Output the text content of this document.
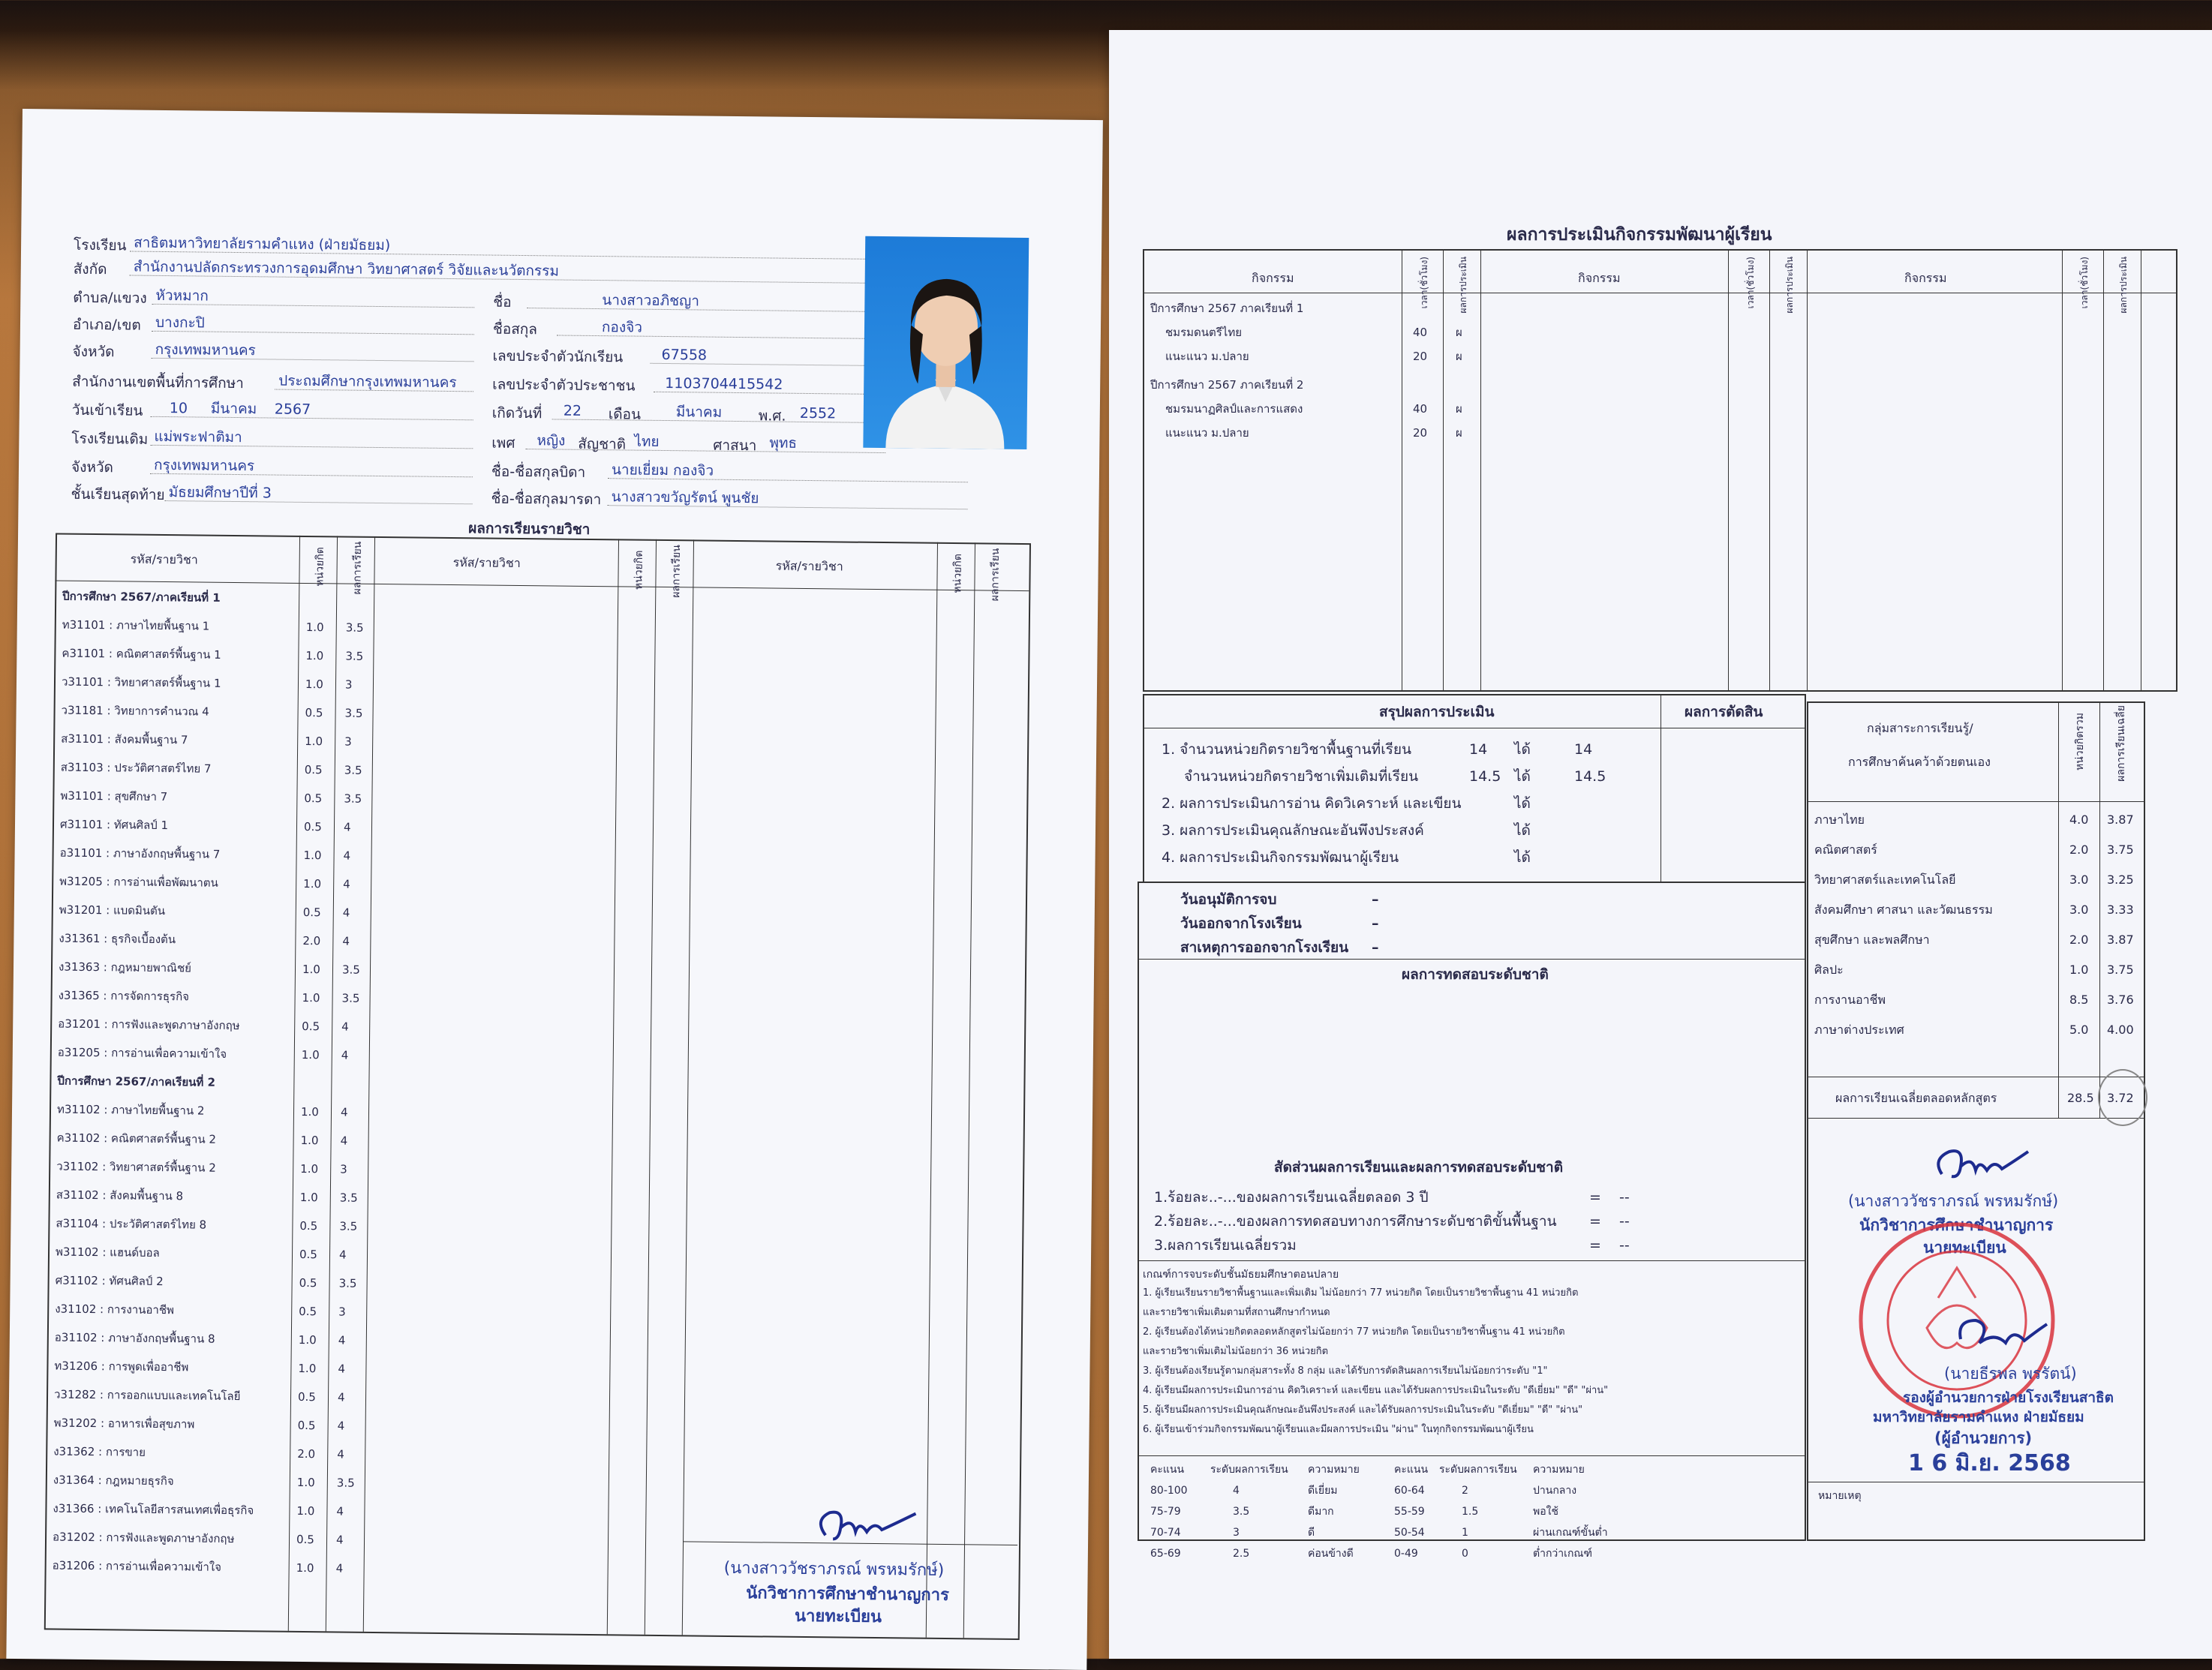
โรงเรียน สาธิตมหาวิทยาลัยรามคำแหง (ฝ่ายมัธยม)
สังกัด สำนักงานปลัดกระทรวงการอุดมศึกษา วิทยาศาสตร์ วิจัยและนวัตกรรม
ตำบล/แขวง หัวหมาก
อำเภอ/เขต บางกะปิ
จังหวัด	กรุงเทพมหานคร
สำนักงานเขตพื้นที่การศึกษา ประถมศึกษากรุงเทพมหานคร
วันเข้าเรียน 10 มีนาคม 2567
โรงเรียนเดิม แม่พระฟาติมา
จังหวัด	กรุงเทพมหานคร
ชั้นเรียนสุดท้าย มัธยมศึกษาปีที่ 3
ชื่อ	นางสาวอภิชญา
ชื่อสกุล	กองจิว
เลขประจำตัวนักเรียน	67558
เลขประจำตัวประชาชน 1103704415542
เกิดวันที่ 22 เดือน มีนาคม	พ.ศ. 2552
เพศ หญิง สัญชาติ ไทย	ศาสนา พุทธ
ชื่อ-ชื่อสกุลบิดา นายเยี่ยม กองจิว
ชื่อ-ชื่อสกุลมารดา นางสาวขวัญรัตน์ พูนชัย
ผลการเรียนรายวิชา
รหัส/รายวิชา	หน่วยกิต ผลการเรียน	รหัส/รายวิชา	หน่วยกิต ผลการเรียน	รหัส/รายวิชา	หน่วยกิต ผลการเรียน
ปีการศึกษา 2567/ภาคเรียนที่ 1
ท31101 : ภาษาไทยพื้นฐาน 1	1.0 3.5
ค31101 : คณิตศาสตร์พื้นฐาน 1	1.0 3.5
ว31101 : วิทยาศาสตร์พื้นฐาน 1	1.0 3
ว31181 : วิทยาการคำนวณ 4	0.5 3.5
ส31101 : สังคมพื้นฐาน 7	1.0 3
ส31103 : ประวัติศาสตร์ไทย 7	0.5 3.5
พ31101 : สุขศึกษา 7	0.5 3.5
ศ31101 : ทัศนศิลป์ 1	0.5 4
อ31101 : ภาษาอังกฤษพื้นฐาน 7	1.0 4
พ31205 : การอ่านเพื่อพัฒนาตน	1.0 4
พ31201 : แบดมินตัน	0.5 4
ง31361 : ธุรกิจเบื้องต้น	2.0 4
ง31363 : กฎหมายพาณิชย์	1.0 3.5
ง31365 : การจัดการธุรกิจ	1.0 3.5
อ31201 : การฟังและพูดภาษาอังกฤษ	0.5 4
อ31205 : การอ่านเพื่อความเข้าใจ	1.0 4
ปีการศึกษา 2567/ภาคเรียนที่ 2
ท31102 : ภาษาไทยพื้นฐาน 2	1.0 4
ค31102 : คณิตศาสตร์พื้นฐาน 2	1.0 4
ว31102 : วิทยาศาสตร์พื้นฐาน 2	1.0 3
ส31102 : สังคมพื้นฐาน 8	1.0 3.5
ส31104 : ประวัติศาสตร์ไทย 8	0.5 3.5
พ31102 : แฮนด์บอล	0.5 4
ศ31102 : ทัศนศิลป์ 2	0.5 3.5
ง31102 : การงานอาชีพ	0.5 3
อ31102 : ภาษาอังกฤษพื้นฐาน 8	1.0 4
ท31206 : การพูดเพื่ออาชีพ	1.0 4
ว31282 : การออกแบบและเทคโนโลยี	0.5 4
พ31202 : อาหารเพื่อสุขภาพ	0.5 4
ง31362 : การขาย	2.0 4
ง31364 : กฎหมายธุรกิจ	1.0 3.5
ง31366 : เทคโนโลยีสารสนเทศเพื่อธุรกิจ	1.0 4
อ31202 : การฟังและพูดภาษาอังกฤษ	0.5 4
อ31206 : การอ่านเพื่อความเข้าใจ	1.0 4	(นางสาววัชราภรณ์ พรหมรักษ์)
นักวิชาการศึกษาชำนาญการ
นายทะเบียน
ผลการประเมินกิจกรรมพัฒนาผู้เรียน
กิจกรรม	เวลา(ชั่วโมง)	ผลการประเมิน	กิจกรรม	เวลา(ชั่วโมง)	ผลการประเมิน	กิจกรรม	เวลา(ชั่วโมง)	ผลการประเมิน
ปีการศึกษา 2567 ภาคเรียนที่ 1
ชมรมดนตรีไทย	40	ผ
แนะแนว ม.ปลาย	20	ผ
ปีการศึกษา 2567 ภาคเรียนที่ 2
ชมรมนาฏศิลป์และการแสดง	40	ผ
แนะแนว ม.ปลาย	20	ผ
สรุปผลการประเมิน	ผลการตัดสิน
1. จำนวนหน่วยกิตรายวิชาพื้นฐานที่เรียน	14 ได้	14
จำนวนหน่วยกิตรายวิชาเพิ่มเติมที่เรียน	14.5 ได้	14.5
2. ผลการประเมินการอ่าน คิดวิเคราะห์ และเขียน	ได้
3. ผลการประเมินคุณลักษณะอันพึงประสงค์	ได้
4. ผลการประเมินกิจกรรมพัฒนาผู้เรียน	ได้
วันอนุมัติการจบ	–
วันออกจากโรงเรียน	–
สาเหตุการออกจากโรงเรียน –
ผลการทดสอบระดับชาติ
สัดส่วนผลการเรียนและผลการทดสอบระดับชาติ
1.ร้อยละ..-...ของผลการเรียนเฉลี่ยตลอด 3 ปี	= --
2.ร้อยละ..-...ของผลการทดสอบทางการศึกษาระดับชาติขั้นพื้นฐาน = --
3.ผลการเรียนเฉลี่ยรวม	= --
เกณฑ์การจบระดับชั้นมัธยมศึกษาตอนปลาย
1. ผู้เรียนเรียนรายวิชาพื้นฐานและเพิ่มเติม ไม่น้อยกว่า 77 หน่วยกิต โดยเป็นรายวิชาพื้นฐาน 41 หน่วยกิต
และรายวิชาเพิ่มเติมตามที่สถานศึกษากำหนด
2. ผู้เรียนต้องได้หน่วยกิตตลอดหลักสูตรไม่น้อยกว่า 77 หน่วยกิต โดยเป็นรายวิชาพื้นฐาน 41 หน่วยกิต
และรายวิชาเพิ่มเติมไม่น้อยกว่า 36 หน่วยกิต
3. ผู้เรียนต้องเรียนรู้ตามกลุ่มสาระทั้ง 8 กลุ่ม และได้รับการตัดสินผลการเรียนไม่น้อยกว่าระดับ "1"
4. ผู้เรียนมีผลการประเมินการอ่าน คิดวิเคราะห์ และเขียน และได้รับผลการประเมินในระดับ "ดีเยี่ยม" "ดี" "ผ่าน"
5. ผู้เรียนมีผลการประเมินคุณลักษณะอันพึงประสงค์ และได้รับผลการประเมินในระดับ "ดีเยี่ยม" "ดี" "ผ่าน"
6. ผู้เรียนเข้าร่วมกิจกรรมพัฒนาผู้เรียนและมีผลการประเมิน "ผ่าน" ในทุกกิจกรรมพัฒนาผู้เรียน
คะแนน ระดับผลการเรียน ความหมาย	คะแนน ระดับผลการเรียน ความหมาย
80-100	4	ดีเยี่ยม	60-64	2	ปานกลาง
75-79	3.5	ดีมาก	55-59	1.5	พอใช้
70-74	3	ดี	50-54	1	ผ่านเกณฑ์ขั้นต่ำ
65-69	2.5	ค่อนข้างดี	0-49	0	ต่ำกว่าเกณฑ์
กลุ่มสาระการเรียนรู้/
การศึกษาค้นคว้าด้วยตนเอง	หน่วยกิตรวม	ผลการเรียนเฉลี่ย
ภาษาไทย	4.0 3.87
คณิตศาสตร์	2.0 3.75
วิทยาศาสตร์และเทคโนโลยี	3.0 3.25
สังคมศึกษา ศาสนา และวัฒนธรรม	3.0 3.33
สุขศึกษา และพลศึกษา	2.0 3.87
ศิลปะ	1.0 3.75
การงานอาชีพ	8.5 3.76
ภาษาต่างประเทศ	5.0 4.00
ผลการเรียนเฉลี่ยตลอดหลักสูตร	28.5 3.72
(นางสาววัชราภรณ์ พรหมรักษ์)
นักวิชาการศึกษาชำนาญการ
นายทะเบียน
(นายธีรพล พรรัตน์)
รองผู้อำนวยการฝ่ายโรงเรียนสาธิต
มหาวิทยาลัยรามคำแหง ฝ่ายมัธยม
(ผู้อำนวยการ)
1 6 มิ.ย. 2568
หมายเหตุ
